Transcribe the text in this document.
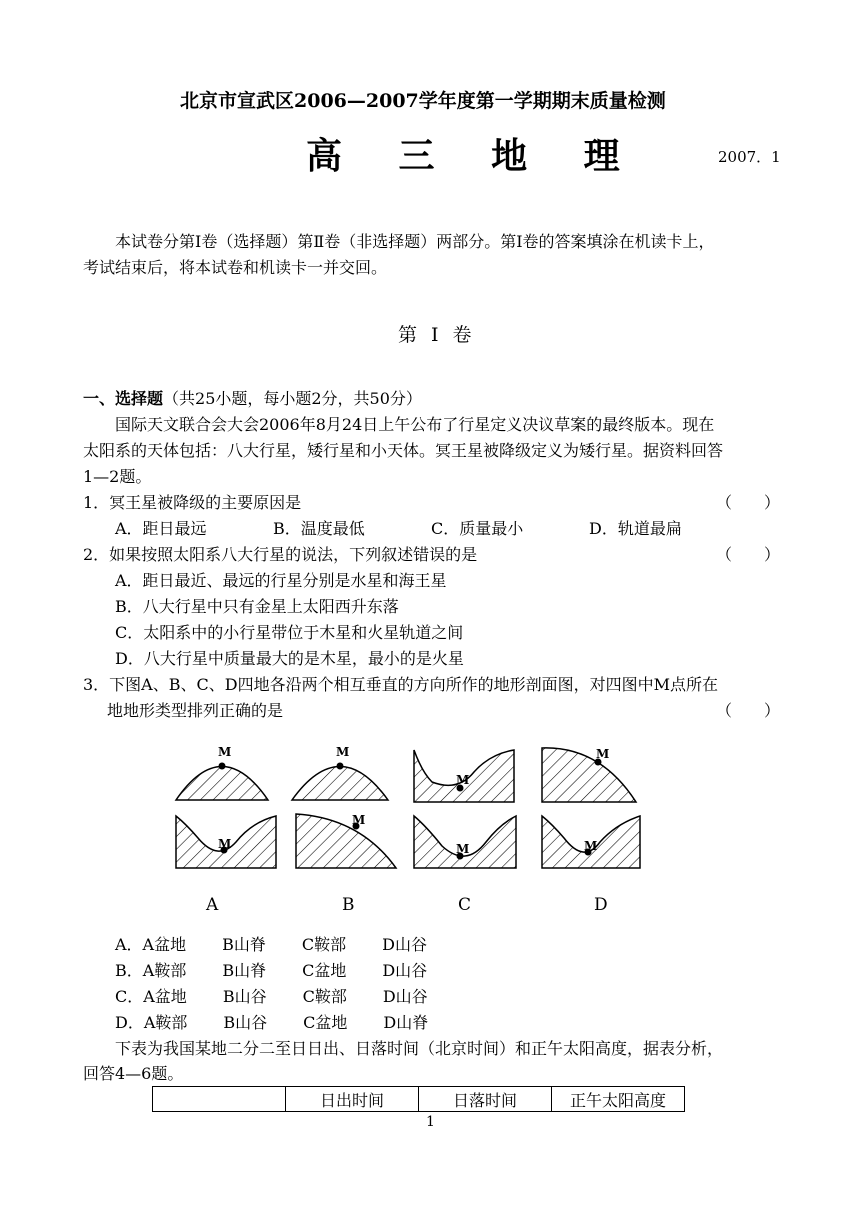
北京市宣武区2006—2007学年度第一学期期末质量检测
高 三 地 理	2007．1
本试卷分第Ⅰ卷（选择题）第Ⅱ卷（非选择题）两部分。第Ⅰ卷的答案填涂在机读卡上，
考试结束后，将本试卷和机读卡一并交回。
第Ⅰ卷
一、选择题（共25小题，每小题2分，共50分）
国际天文联合会大会2006年8月24日上午公布了行星定义决议草案的最终版本。现在
太阳系的天体包括：八大行星，矮行星和小天体。冥王星被降级定义为矮行星。据资料回答
1—2题。
1．冥王星被降级的主要原因是	（　　）
A．距日最远	B．温度最低	C．质量最小	D．轨道最扁
2．如果按照太阳系八大行星的说法，下列叙述错误的是	（　　）
A．距日最近、最远的行星分别是水星和海王星
B．八大行星中只有金星上太阳西升东落
C．太阳系中的小行星带位于木星和火星轨道之间
D．八大行星中质量最大的是木星，最小的是火星
3．下图A、B、C、D四地各沿两个相互垂直的方向所作的地形剖面图，对四图中M点所在
地地形类型排列正确的是	（　　）
M	M
M
M
M
M
M	M
A	B	C	D
A．A盆地 B山脊 C鞍部 D山谷
B．A鞍部 B山脊 C盆地 D山谷
C．A盆地 B山谷 C鞍部 D山谷
D．A鞍部 B山谷 C盆地 D山脊
下表为我国某地二分二至日日出、日落时间（北京时间）和正午太阳高度，据表分析，
回答4—6题。
	日出时间	日落时间	正午太阳高度
1
